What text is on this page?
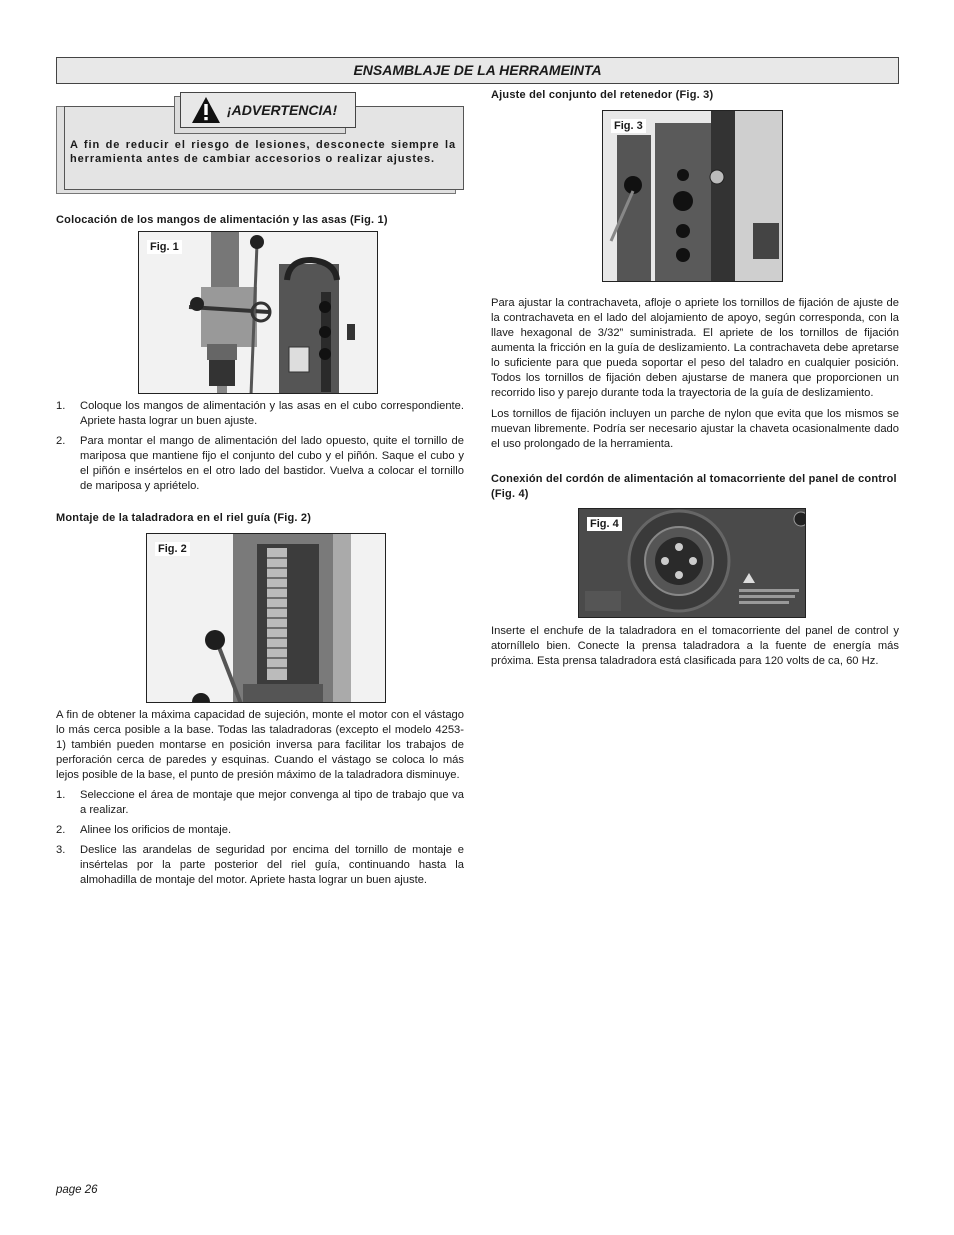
ENSAMBLAJE DE LA HERRAMEINTA
¡ADVERTENCIA!
A fin de reducir el riesgo de lesiones, desconecte siempre la herramienta antes de cambiar accesorios o realizar ajustes.
Colocación de los mangos de alimentación y las asas (Fig. 1)
Fig. 1
1.	Coloque los mangos de alimentación y las asas en el cubo correspondiente. Apriete hasta lograr un buen ajuste.
2.	Para montar el mango de alimentación del lado opuesto, quite el tornillo de mariposa que mantiene fijo el conjunto del cubo y el piñón. Saque el cubo y el piñón e insértelos en el otro lado del bastidor. Vuelva a colocar el tornillo de mariposa y apriételo.
Montaje de la taladradora en el riel guía (Fig. 2)
Fig. 2

A fin de obtener la máxima capacidad de sujeción, monte el motor con el vástago lo más cerca posible a la base. Todas las taladradoras (excepto el modelo 4253-1) también pueden montarse en posición inversa para facilitar los trabajos de perforación cerca de paredes y esquinas. Cuando el vástago se coloca lo más lejos posible de la base, el punto de presión máximo de la taladradora disminuye.

1.	Seleccione el área de montaje que mejor convenga al tipo de trabajo que va a realizar.
2.	Alinee los orificios de montaje.
3.	Deslice las arandelas de seguridad por encima del tornillo de montaje e insértelas por la parte posterior del riel guía, continuando hasta la almohadilla de montaje del motor. Apriete hasta lograr un buen ajuste.
Ajuste del conjunto del retenedor (Fig. 3)
Fig. 3

Para ajustar la contrachaveta, afloje o apriete los tornillos de fijación de ajuste de la contrachaveta en el lado del alojamiento de apoyo, según corresponda, con la llave hexagonal de 3/32” suministrada. El apriete de los tornillos de fijación aumenta la fricción en la guía de deslizamiento. La contrachaveta debe apretarse lo suficiente para que pueda soportar el peso del taladro en cualquier posición. Todos los tornillos de fijación deben ajustarse de manera que proporcionen un recorrido liso y parejo durante toda la trayectoria de la guía de deslizamiento.

Los tornillos de fijación incluyen un parche de nylon que evita que los mismos se muevan libremente. Podría ser necesario ajustar la chaveta ocasionalmente dado el uso prolongado de la herramienta.

Conexión del cordón de alimentación al tomacorriente del panel de control (Fig. 4)
Fig. 4

Inserte el enchufe de la taladradora en el tomacorriente del panel de control y atorníllelo bien. Conecte la prensa taladradora a la fuente de energía más próxima. Esta prensa taladradora está clasificada para 120 volts de ca, 60 Hz.

page 26
